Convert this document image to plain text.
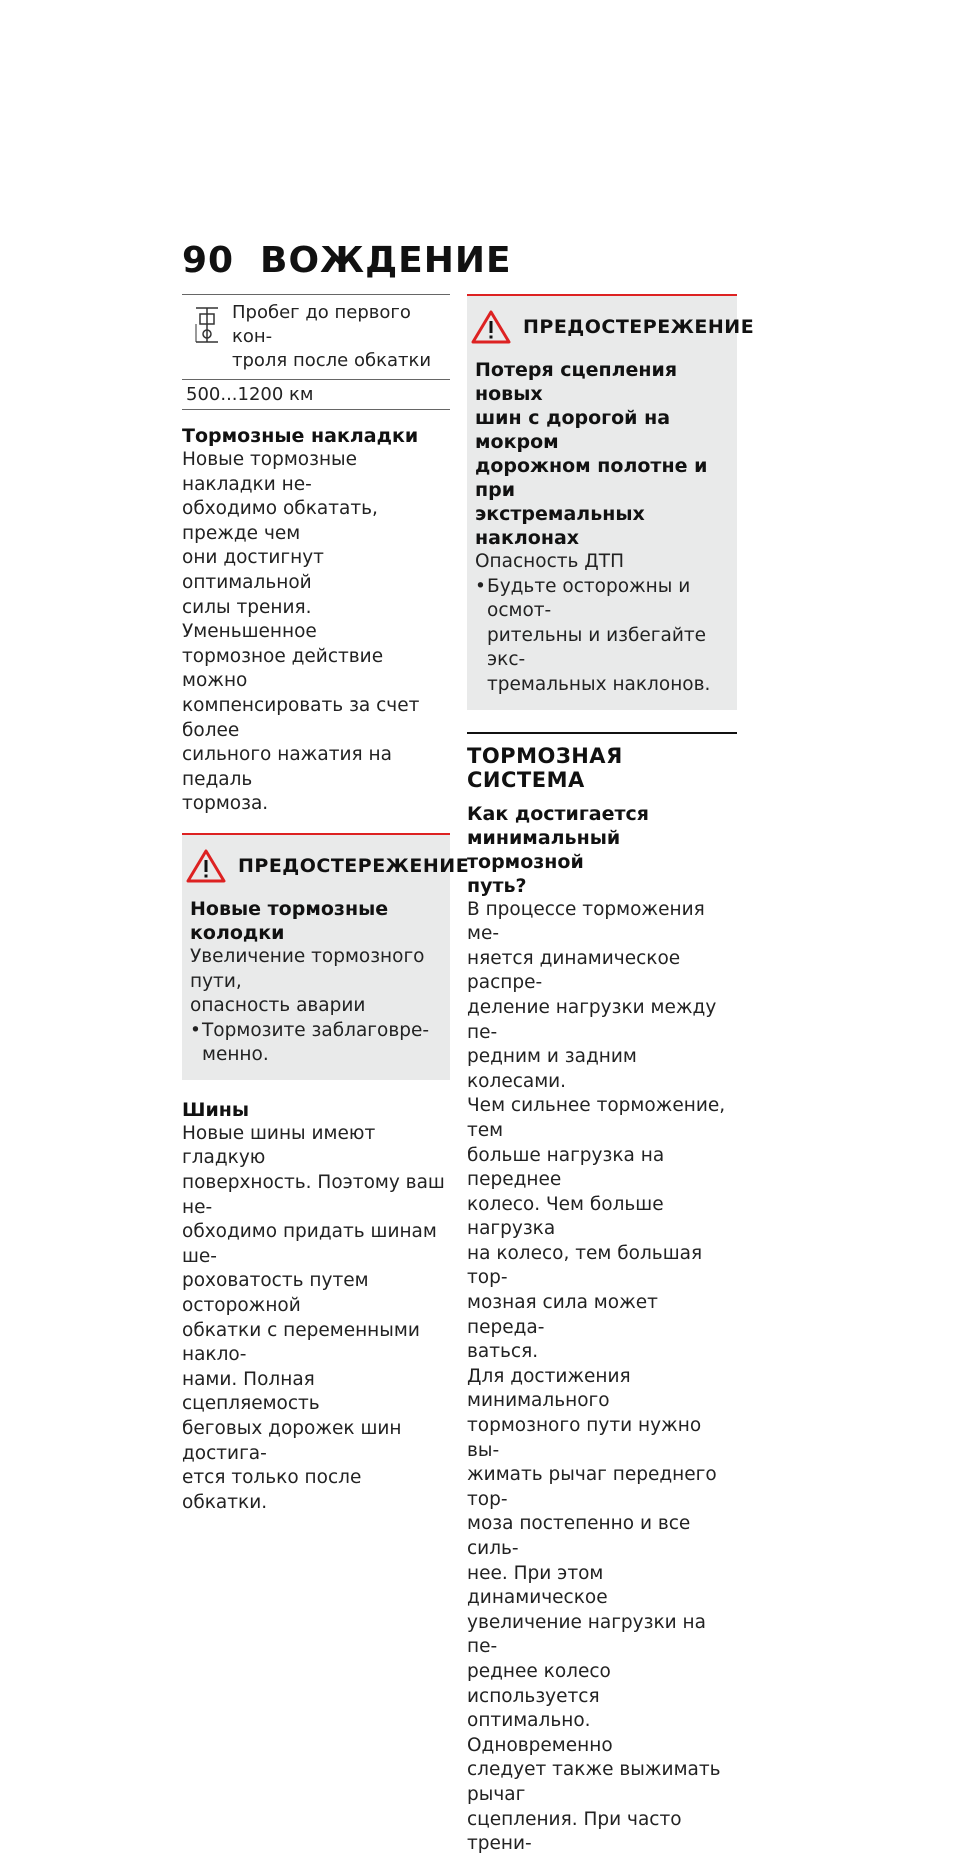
90 ВОЖДЕНИЕ
Пробег до первого кон-
троля после обкатки
500...1200 км
Тормозные накладки

Новые тормозные накладки не-

обходимо обкатать, прежде чем

они достигнут оптимальной

силы трения. Уменьшенное

тормозное действие можно

компенсировать за счет более

сильного нажатия на педаль

тормоза.

ПРЕДОСТЕРЕЖЕНИЕ
Новые тормозные
колодки
Увеличение тормозного пути,
опасность аварии
• Тормозите заблаговре-
менно.
Шины

Новые шины имеют гладкую

поверхность. Поэтому ваш не-

обходимо придать шинам ше-

роховатость путем осторожной

обкатки с переменными накло-

нами. Полная сцепляемость

беговых дорожек шин достига-

ется только после обкатки.

ПРЕДОСТЕРЕЖЕНИЕ
Потеря сцепления новых
шин с дорогой на мокром
дорожном полотне и при
экстремальных наклонах
Опасность ДТП
• Будьте осторожны и осмот-
рительны и избегайте экс-
тремальных наклонов.
ТОРМОЗНАЯ СИСТЕМА
Как достигается
минимальный тормозной
путь?

В процессе торможения ме-

няется динамическое распре-

деление нагрузки между пе-

редним и задним колесами.

Чем сильнее торможение, тем

больше нагрузка на переднее

колесо. Чем больше нагрузка

на колесо, тем большая тор-

мозная сила может переда-

ваться.

Для достижения минимального

тормозного пути нужно вы-

жимать рычаг переднего тор-

моза постепенно и все силь-

нее. При этом динамическое

увеличение нагрузки на пе-

реднее колесо используется

оптимально. Одновременно

следует также выжимать рычаг

сцепления. При часто трени-
